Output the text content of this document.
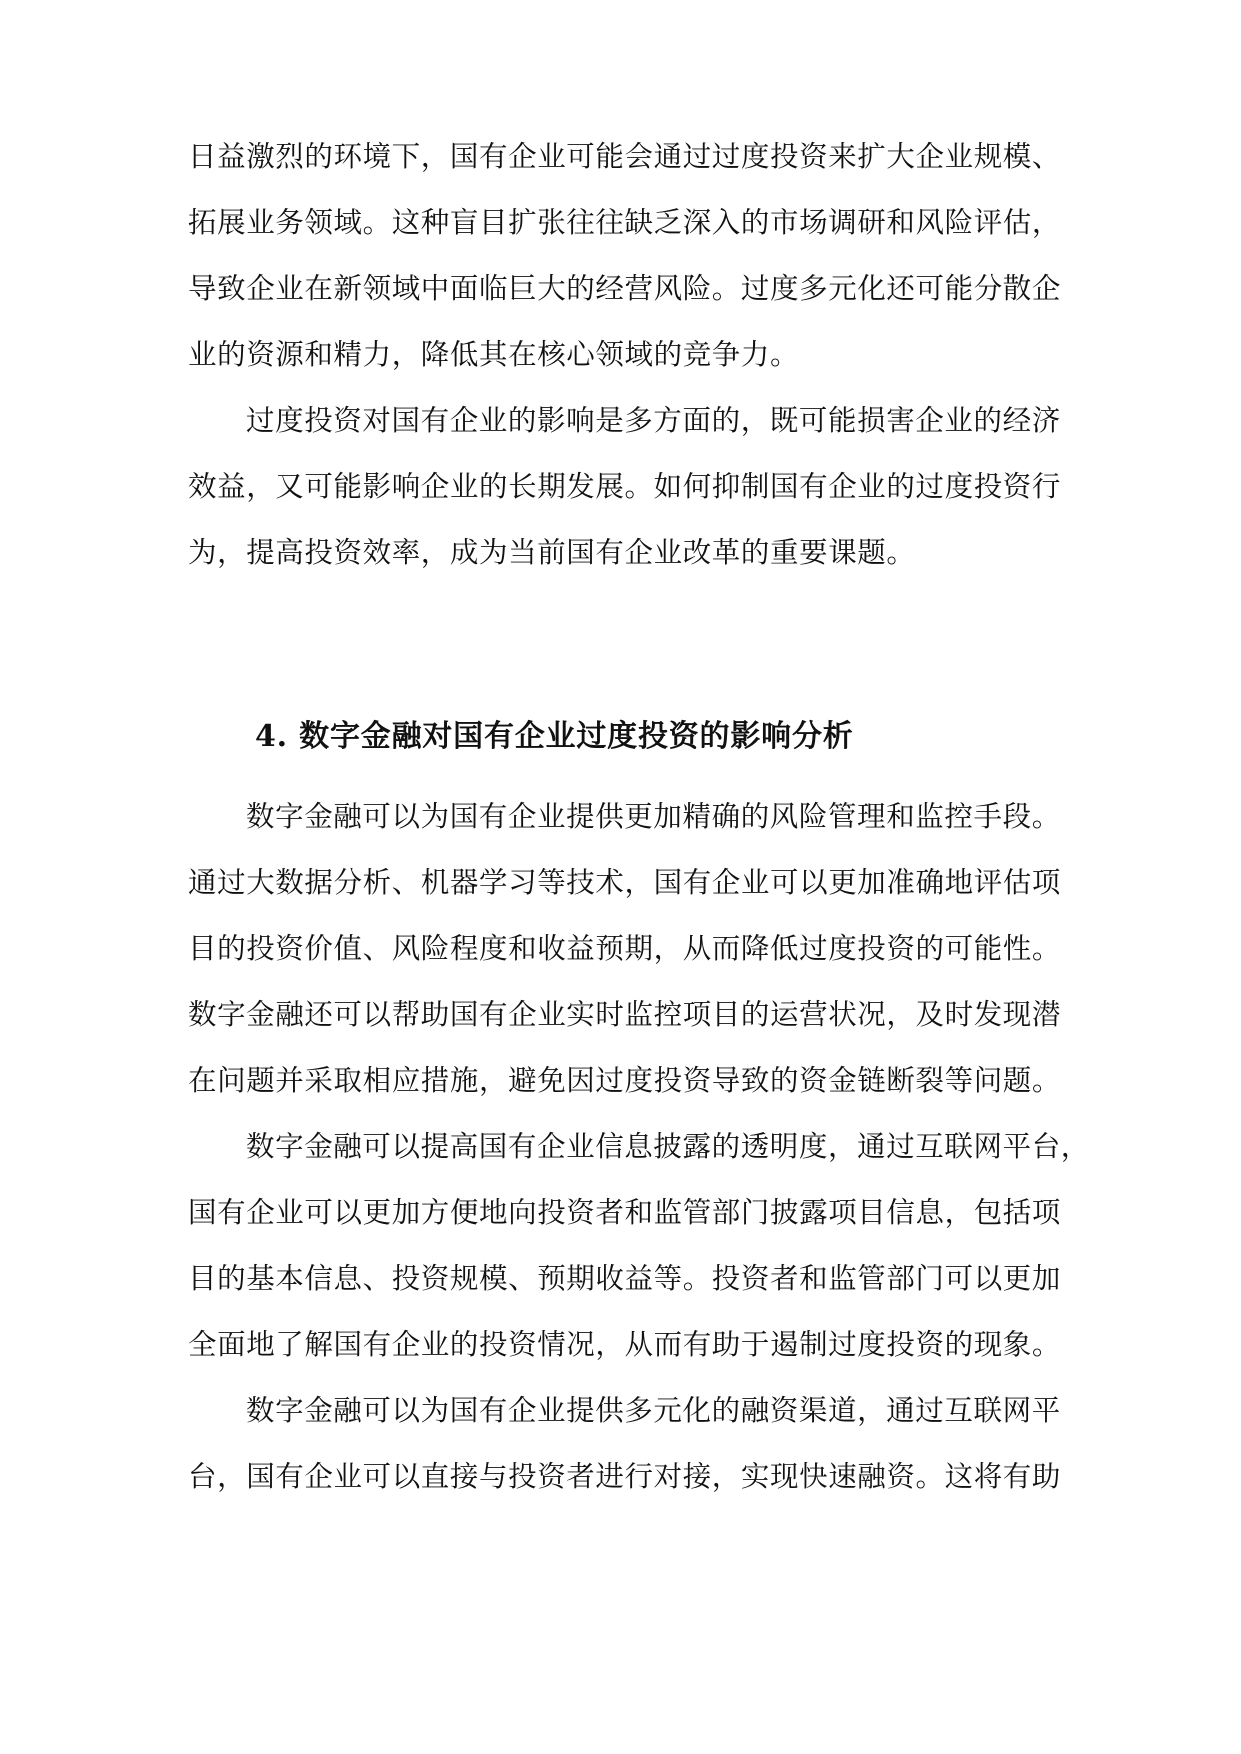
日益激烈的环境下，国有企业可能会通过过度投资来扩大企业规模、
拓展业务领域。这种盲目扩张往往缺乏深入的市场调研和风险评估，
导致企业在新领域中面临巨大的经营风险。过度多元化还可能分散企
业的资源和精力，降低其在核心领域的竞争力。
过度投资对国有企业的影响是多方面的，既可能损害企业的经济
效益，又可能影响企业的长期发展。如何抑制国有企业的过度投资行
为，提高投资效率，成为当前国有企业改革的重要课题。
4. 数字金融对国有企业过度投资的影响分析
数字金融可以为国有企业提供更加精确的风险管理和监控手段。
通过大数据分析、机器学习等技术，国有企业可以更加准确地评估项
目的投资价值、风险程度和收益预期，从而降低过度投资的可能性。
数字金融还可以帮助国有企业实时监控项目的运营状况，及时发现潜
在问题并采取相应措施，避免因过度投资导致的资金链断裂等问题。
数字金融可以提高国有企业信息披露的透明度，通过互联网平台，
国有企业可以更加方便地向投资者和监管部门披露项目信息，包括项
目的基本信息、投资规模、预期收益等。投资者和监管部门可以更加
全面地了解国有企业的投资情况，从而有助于遏制过度投资的现象。
数字金融可以为国有企业提供多元化的融资渠道，通过互联网平
台，国有企业可以直接与投资者进行对接，实现快速融资。这将有助
